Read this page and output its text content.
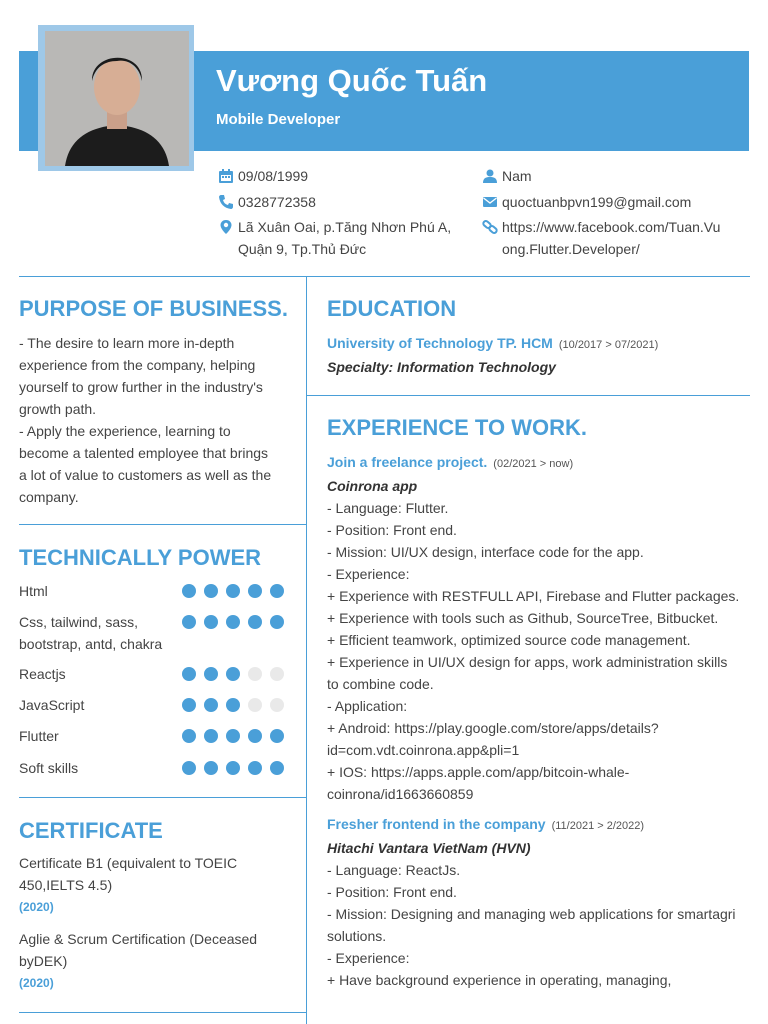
Vương Quốc Tuấn
Mobile Developer
09/08/1999
0328772358
Lã Xuân Oai, p.Tăng Nhơn Phú A,
Quận 9, Tp.Thủ Đức
Nam
quoctuanbpvn199@gmail.com
https://www.facebook.com/Tuan.Vu
ong.Flutter.Developer/
PURPOSE OF BUSINESS.
- The desire to learn more in-depth
experience from the company, helping
yourself to grow further in the industry's
growth path.
- Apply the experience, learning to
become a talented employee that brings
a lot of value to customers as well as the
company.
TECHNICALLY POWER
Html
Css, tailwind, sass,
bootstrap, antd, chakra
Reactjs
JavaScript
Flutter
Soft skills
CERTIFICATE
Certificate B1 (equivalent to TOEIC
450,IELTS 4.5)
(2020)
Aglie & Scrum Certification (Deceased
byDEK)
(2020)
EDUCATION
University of Technology TP. HCM (10/2017 > 07/2021)
Specialty: Information Technology
EXPERIENCE TO WORK.
Join a freelance project. (02/2021 > now)
Coinrona app
- Language: Flutter.
- Position: Front end.
- Mission: UI/UX design, interface code for the app.
- Experience:
+ Experience with RESTFULL API, Firebase and Flutter packages.
+ Experience with tools such as Github, SourceTree, Bitbucket.
+ Efficient teamwork, optimized source code management.
+ Experience in UI/UX design for apps, work administration skills
to combine code.
- Application:
+ Android: https://play.google.com/store/apps/details?
id=com.vdt.coinrona.app&pli=1
+ IOS: https://apps.apple.com/app/bitcoin-whale-
coinrona/id1663660859
Fresher frontend in the company (11/2021 > 2/2022)
Hitachi Vantara VietNam (HVN)
- Language: ReactJs.
- Position: Front end.
- Mission: Designing and managing web applications for smartagri
solutions.
- Experience:
+ Have background experience in operating, managing,
